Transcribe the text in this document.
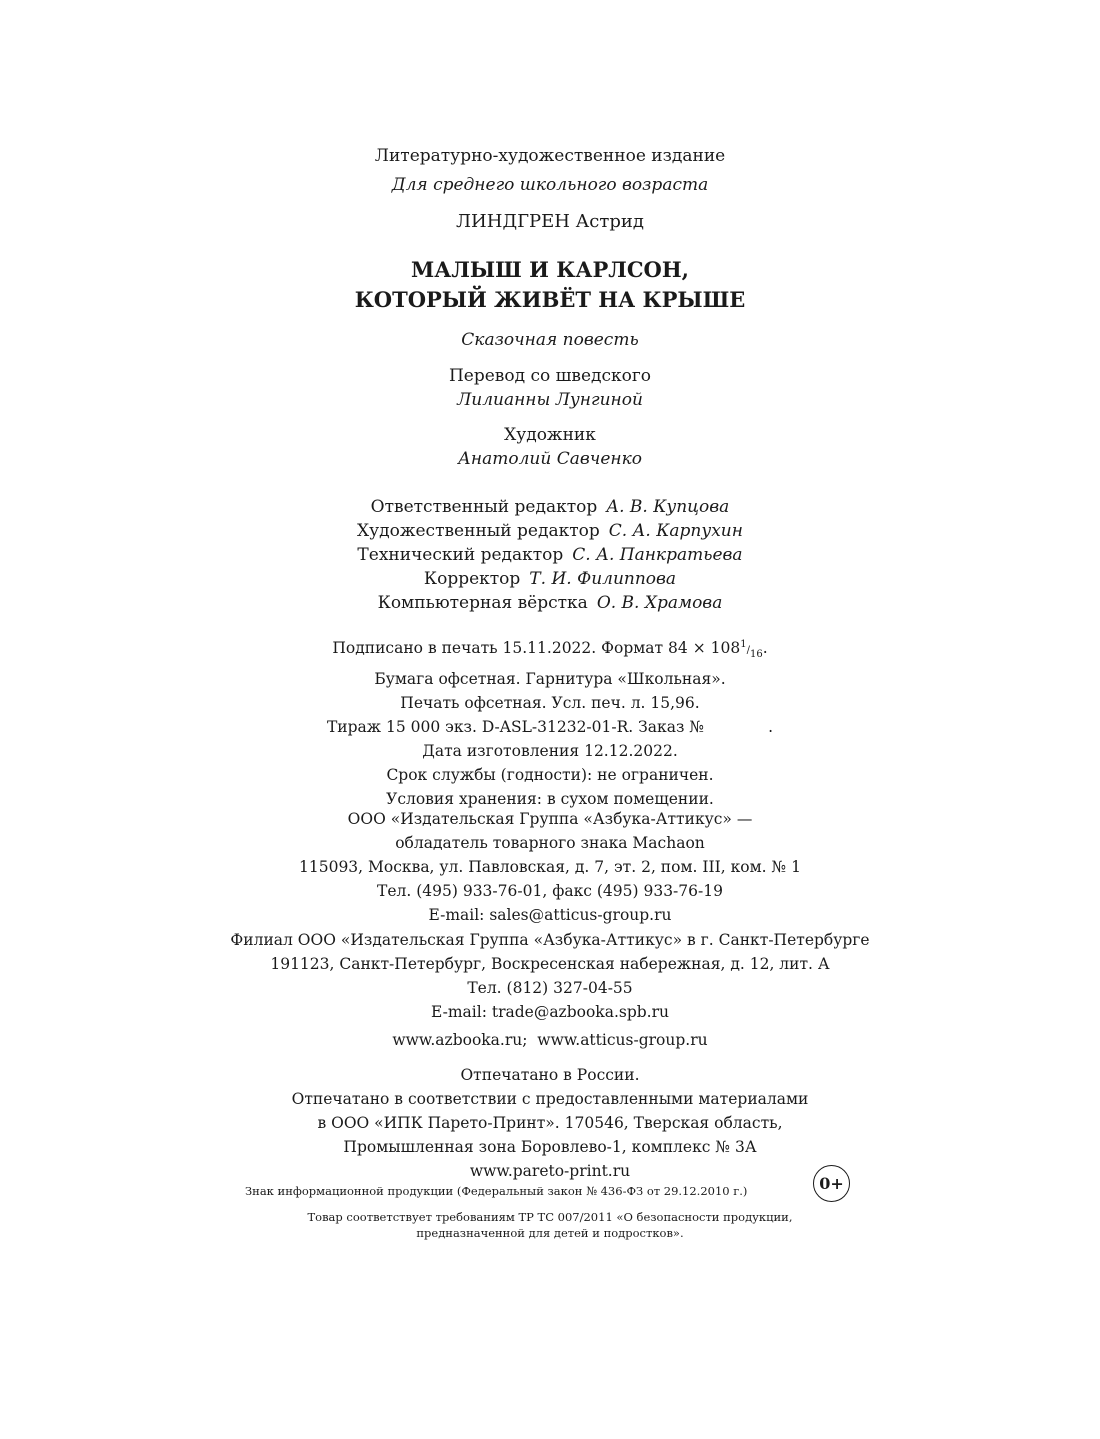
Литературно-художественное издание
Для среднего школьного возраста
ЛИНДГРЕН Астрид
МАЛЫШ И КАРЛСОН,
КОТОРЫЙ ЖИВЁТ НА КРЫШЕ
Сказочная повесть
Перевод со шведского
Лилианны Лунгиной
Художник
Анатолий Савченко
Ответственный редактор А. В. Купцова
Художественный редактор С. А. Карпухин
Технический редактор С. А. Панкратьева
Корректор Т. И. Филиппова
Компьютерная вёрстка О. В. Храмова
Подписано в печать 15.11.2022. Формат $84 \times 108^1/_{16}$.
Бумага офсетная. Гарнитура «Школьная».
Печать офсетная. Усл. печ. л. 15,96.
Тираж 15 000 экз. D-ASL-31232-01-R. Заказ №             .
Дата изготовления 12.12.2022.
Срок службы (годности): не ограничен.
Условия хранения: в сухом помещении.
ООО «Издательская Группа «Азбука-Аттикус» —
обладатель товарного знака Machaon
115093, Москва, ул. Павловская, д. 7, эт. 2, пом. III, ком. № 1
Тел. (495) 933-76-01, факс (495) 933-76-19
E-mail: sales@atticus-group.ru
Филиал ООО «Издательская Группа «Азбука-Аттикус» в г. Санкт-Петербурге
191123, Санкт-Петербург, Воскресенская набережная, д. 12, лит. А
Тел. (812) 327-04-55
E-mail: trade@azbooka.spb.ru
www.azbooka.ru;  www.atticus-group.ru
Отпечатано в России.
Отпечатано в соответствии с предоставленными материалами
в ООО «ИПК Парето-Принт». 170546, Тверская область,
Промышленная зона Боровлево-1, комплекс № 3А
www.pareto-print.ru
Знак информационной продукции (Федеральный закон № 436-ФЗ от 29.12.2010 г.)	0+
Товар соответствует требованиям ТР ТС 007/2011 «О безопасности продукции,
предназначенной для детей и подростков».
